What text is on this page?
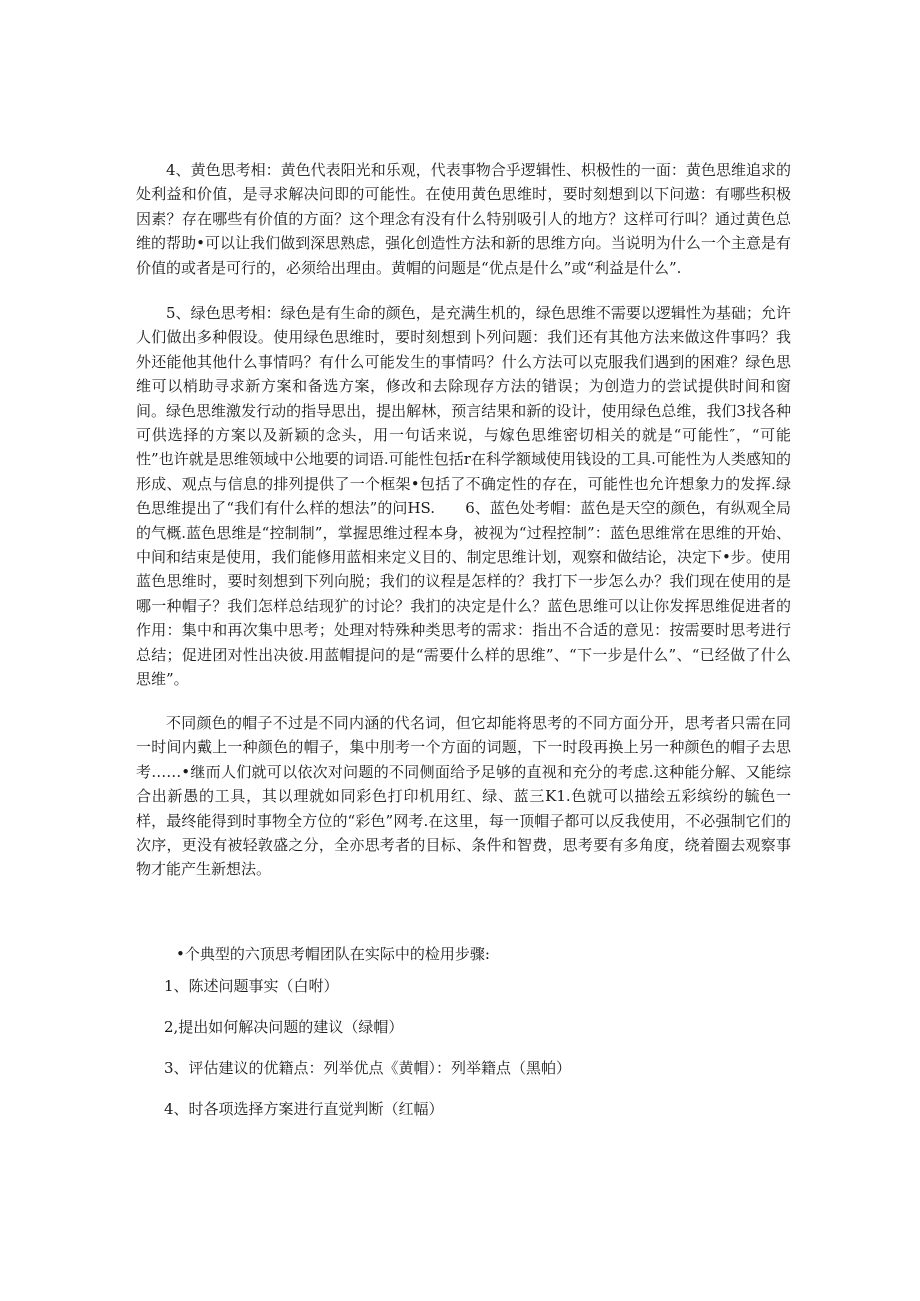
4、黄色思考相：黄色代表阳光和乐观，代表事物合乎逻辑性、枳极性的一面：黄色思维追求的处利益和价值，是寻求解决问即的可能性。在使用黄色思维时，要时刻想到以下问遨：有哪些积极因素？存在哪些有价值的方面？这个理念有没有什么特别吸引人的地方？这样可行叫？通过黄色总维的帮助•可以让我们做到深思熟虑，强化创造性方法和新的思维方向。当说明为什么一个主意是有价值的或者是可行的，必须给出理由。黄帽的问题是“优点是什么”或“利益是什么”.

5、绿色思考相：绿色是有生命的颜色，是充满生机的，绿色思维不需要以逻辑性为基础；允许人们做出多种假设。使用绿色思维时，要时刻想到卜列问题：我们还有其他方法来做这件事吗？我外还能他其他什么事情吗？有什么可能发生的事情吗？什么方法可以克服我们遇到的困难？绿色思维可以梢助寻求新方案和备选方案，修改和去除现存方法的错误；为创造力的尝试提供时间和窗间。绿色思维激发行动的指导思出，提出解林，预言结果和新的设计，使用绿色总维，我们3找各种可供选择的方案以及新颖的念头，用一句话来说，与嫁色思维密切相关的就是“可能性″，“可能性”也许就是思维领域中公地要的词语.可能性包括r在科学额域使用钱设的工具.可能性为人类感知的形成、观点与信息的排列提供了一个框架•包括了不确定性的存在，可能性也允许想象力的发挥.绿色思维提出了“我们有什么样的想法”的问HS.　　6、蓝色处考帽：蓝色是天空的颜色，有纵观全局的气概.蓝色思维是“控制制”，掌握思维过程本身，被视为“过程控制”：蓝色思维常在思维的开始、中间和结束是使用，我们能修用蓝相来定义目的、制定思维计划，观察和做结论，决定下•步。使用蓝色思维时，要时刻想到下列向脱；我们的议程是怎样的？我打下一步怎么办？我们现在使用的是哪一种帽子？我们怎样总结现犷的讨论？我扪的决定是什么？蓝色思维可以让你发挥思维促进者的作用：集中和再次集中思考；处理对特殊种类思考的需求：指出不合适的意见：按需要时思考进行总结；促进团对性出决彼.用蓝帽提问的是“需要什么样的思维”、“下一步是什么”、“已经做了什么思维”。

不同颜色的帽子不过是不同内涵的代名词，但它却能将思考的不同方面分开，思考者只需在同一时间内戴上一种颜色的帽子，集中刖考一个方面的词题，下一时段再换上另一种颜色的帽子去思考……•继而人们就可以依次对问题的不同侧面给予足够的直视和充分的考虑.这种能分解、又能综合出新愚的工具，其以理就如同彩色打印机用红、绿、蓝三K1.色就可以描绘五彩缤纷的毓色一样，最终能得到时事物全方位的“彩色”网考.在这里，每一顶帽子都可以反我使用，不必强制它们的次序，更没有被轻敦盛之分，全亦思考者的目标、条件和智费，思考要有多角度，绕着圈去观察事物才能产生新想法。

•个典型的六顶思考帽团队在实际中的检用步骤:

1、陈述问题事实（白咐）

2,提出如何解决问题的建议（绿帽）

3、评估建议的优籍点：列举优点《黄帽）：列举籍点（黑帕）

4、时各项选择方案进行直觉判断（红幅）
